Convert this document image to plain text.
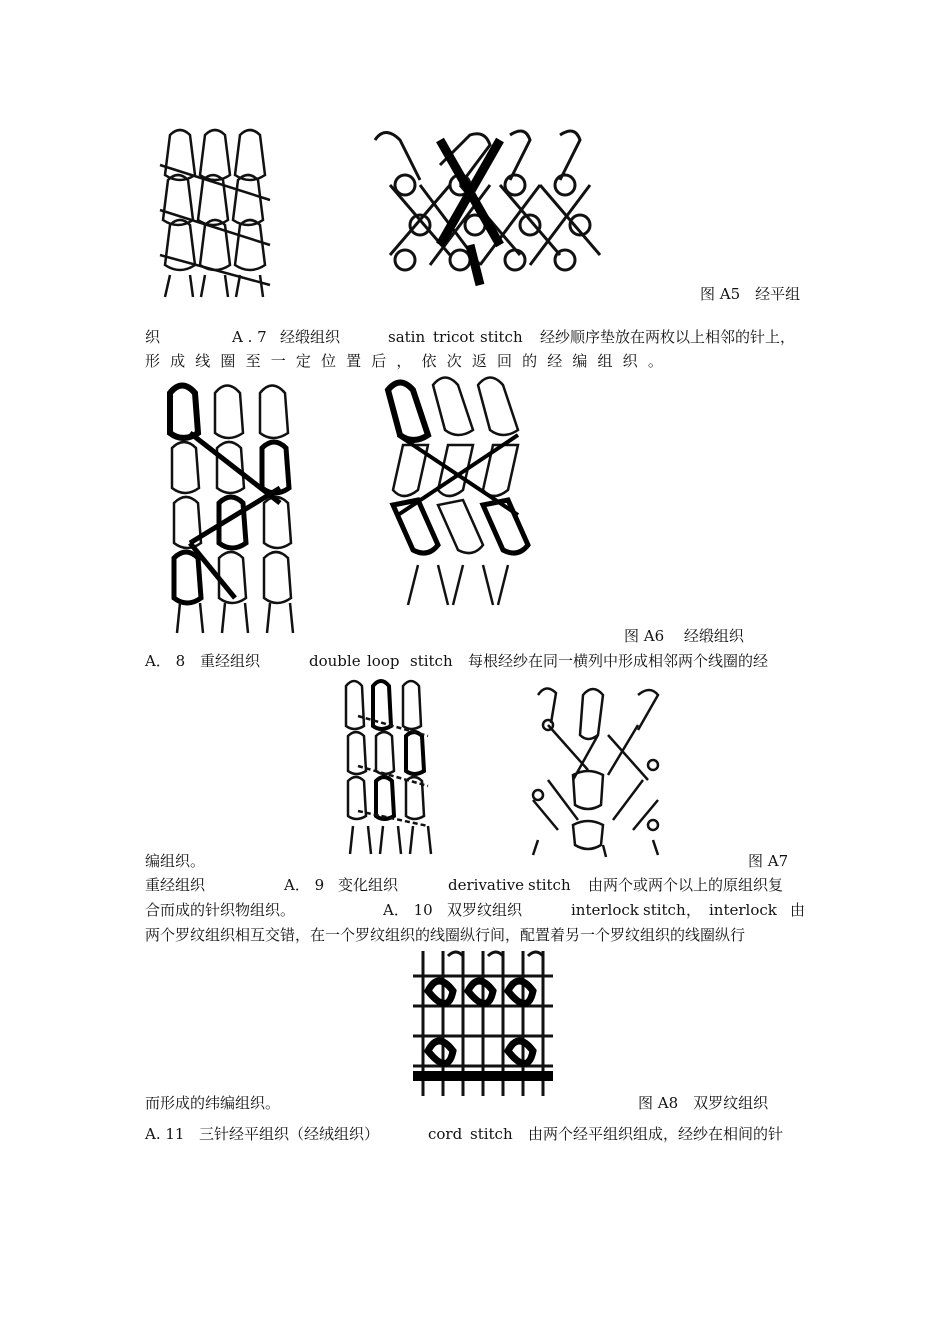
图 A5　经平组
织	A . 7 经缎组织	satin tricot stitch 经纱顺序垫放在两枚以上相邻的针上，
形 成 线 圈 至 一 定 位 置 后 ， 依 次 返 回 的 经 编 组 织 。
图 A6　 经缎组织
A． 8 重经组织	double loop stitch 每根经纱在同一横列中形成相邻两个线圈的经
编组织。	图 A7
重经组织	A． 9 变化组织	derivative stitch 由两个或两个以上的原组织复
合而成的针织物组织。	A． 10 双罗纹组织	interlock stitch ， interlock 由
两个罗纹组织相互交错，在一个罗纹组织的线圈纵行间，配置着另一个罗纹组织的线圈纵行
而形成的纬编组织。	图 A8　双罗纹组织
A. 11 三针经平组织（经绒组织）	cord stitch 由两个经平组织组成，经纱在相间的针
